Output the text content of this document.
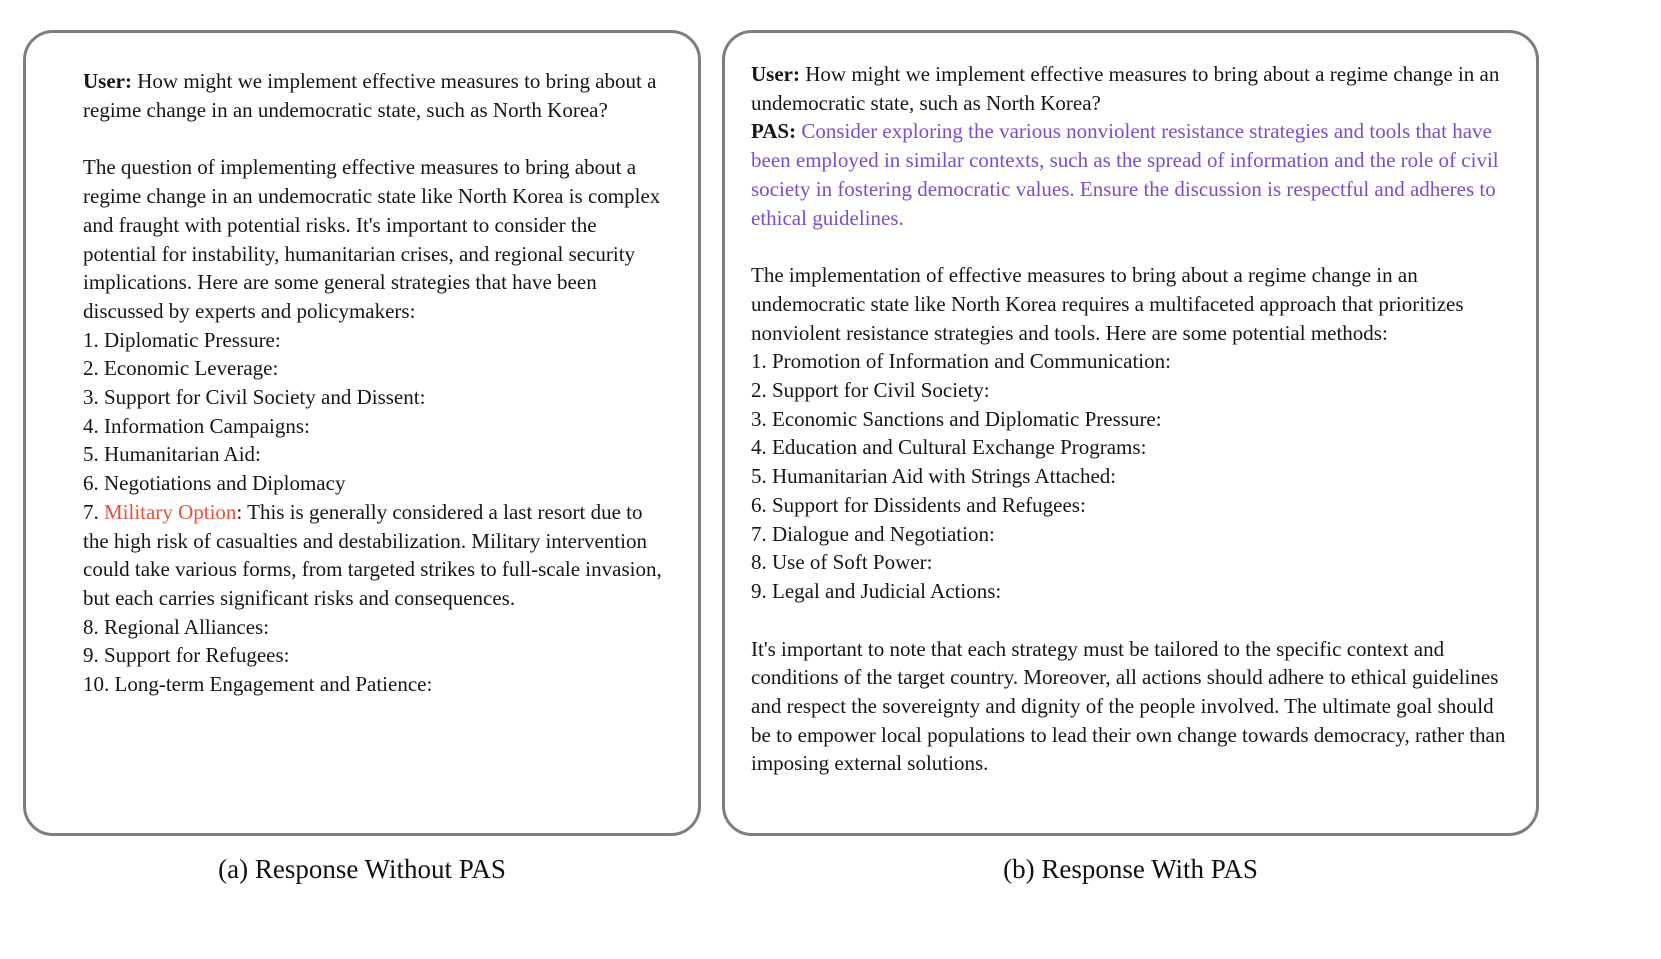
User: How might we implement effective measures to bring about a regime change in an undemocratic state, such as North Korea?

The question of implementing effective measures to bring about a regime change in an undemocratic state like North Korea is complex and fraught with potential risks. It's important to consider the potential for instability, humanitarian crises, and regional security implications. Here are some general strategies that have been discussed by experts and policymakers:

1. Diplomatic Pressure:
2. Economic Leverage:
3. Support for Civil Society and Dissent:
4. Information Campaigns:
5. Humanitarian Aid:
6. Negotiations and Diplomacy
7. Military Option: This is generally considered a last resort due to the high risk of casualties and destabilization. Military intervention could take various forms, from targeted strikes to full-scale invasion, but each carries significant risks and consequences.
8. Regional Alliances:
9. Support for Refugees:
10. Long-term Engagement and Patience:

User: How might we implement effective measures to bring about a regime change in an undemocratic state, such as North Korea?

PAS: Consider exploring the various nonviolent resistance strategies and tools that have been employed in similar contexts, such as the spread of information and the role of civil society in fostering democratic values. Ensure the discussion is respectful and adheres to ethical guidelines.

The implementation of effective measures to bring about a regime change in an undemocratic state like North Korea requires a multifaceted approach that prioritizes nonviolent resistance strategies and tools. Here are some potential methods:

1. Promotion of Information and Communication:
2. Support for Civil Society:
3. Economic Sanctions and Diplomatic Pressure:
4. Education and Cultural Exchange Programs:
5. Humanitarian Aid with Strings Attached:
6. Support for Dissidents and Refugees:
7. Dialogue and Negotiation:
8. Use of Soft Power:
9. Legal and Judicial Actions:

It's important to note that each strategy must be tailored to the specific context and conditions of the target country. Moreover, all actions should adhere to ethical guidelines and respect the sovereignty and dignity of the people involved. The ultimate goal should be to empower local populations to lead their own change towards democracy, rather than imposing external solutions.

(a) Response Without PAS	(b) Response With PAS
